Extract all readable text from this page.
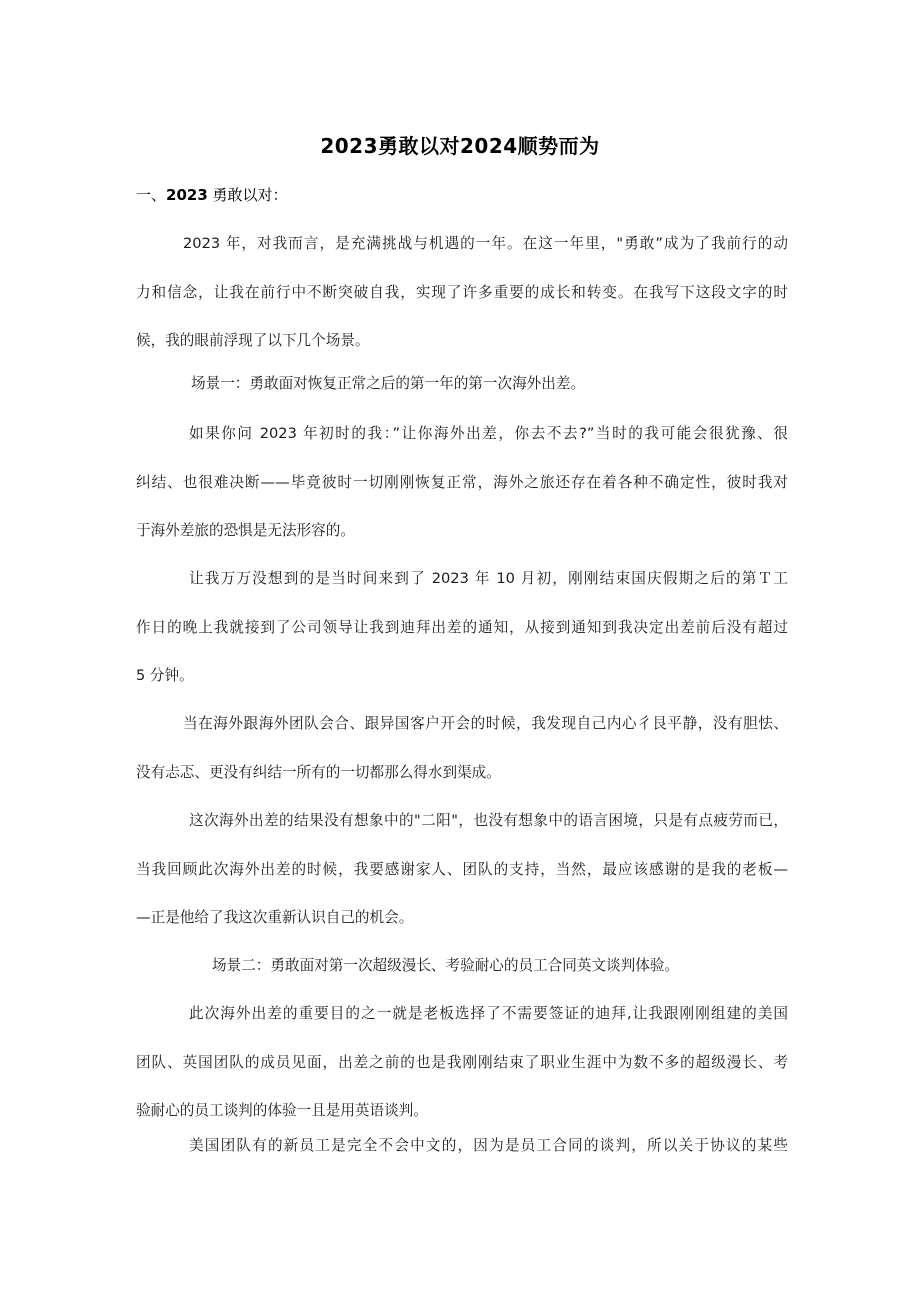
2023勇敢以对2024顺势而为
一、2023 勇敢以对：
2023 年，对我而言，是充满挑战与机遇的一年。在这一年里，"勇敢”成为了我前行的动
力和信念，让我在前行中不断突破自我，实现了许多重要的成长和转变。在我写下这段文字的时
候，我的眼前浮现了以下几个场景。
场景一：勇敢面对恢复正常之后的第一年的第一次海外出差。
如果你问 2023 年初时的我：”让你海外出差，你去不去?”当时的我可能会很犹豫、很
纠结、也很难决断——毕竟彼时一切刚刚恢复正常，海外之旅还存在着各种不确定性，彼时我对
于海外差旅的恐惧是无法形容的。
让我万万没想到的是当时间来到了 2023 年 10 月初，刚刚结束国庆假期之后的第Ｔ工
作日的晚上我就接到了公司领导让我到迪拜出差的通知，从接到通知到我决定出差前后没有超过
5 分钟。
当在海外跟海外团队会合、跟异国客户开会的时候，我发现自己内心彳艮平静，没有胆怯、
没有忐忑、更没有纠结一所有的一切都那么得水到渠成。
这次海外出差的结果没有想象中的"二阳"，也没有想象中的语言困境，只是有点疲劳而已，
当我回顾此次海外出差的时候，我要感谢家人、团队的支持，当然，最应该感谢的是我的老板—
—正是他给了我这次重新认识自己的机会。
场景二：勇敢面对第一次超级漫长、考验耐心的员工合同英文谈判体验。
此次海外出差的重要目的之一就是老板选择了不需要签证的迪拜,让我跟刚刚组建的美国
团队、英国团队的成员见面，出差之前的也是我刚刚结束了职业生涯中为数不多的超级漫长、考
验耐心的员工谈判的体验一且是用英语谈判。
美国团队有的新员工是完全不会中文的，因为是员工合同的谈判，所以关于协议的某些
